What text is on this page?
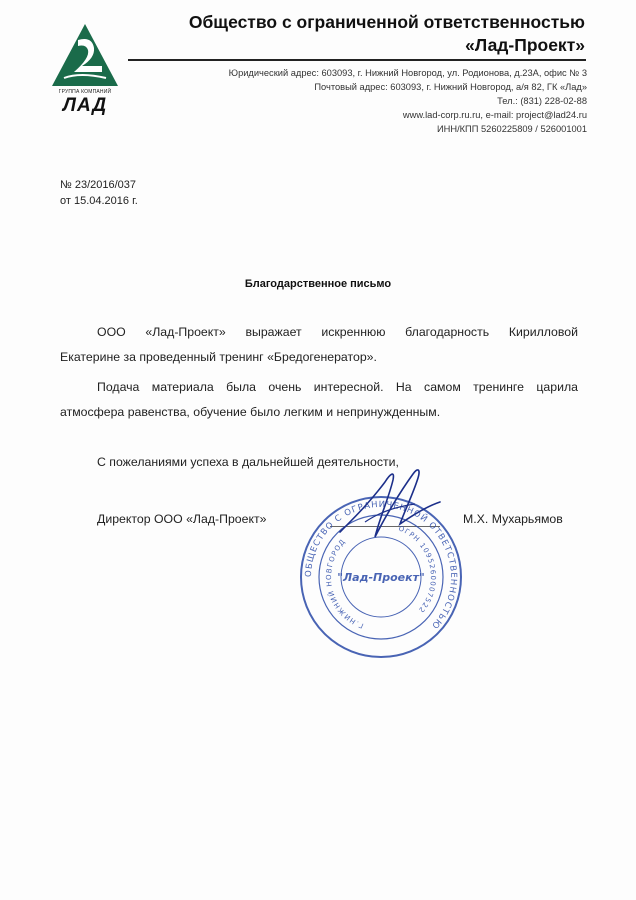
ГРУППА КОМПАНИЙ
ЛАД
Общество с ограниченной ответственностью
«Лад-Проект»
Юридический адрес: 603093, г. Нижний Новгород, ул. Родионова, д.23А, офис № 3
Почтовый адрес: 603093, г. Нижний Новгород, а/я 82, ГК «Лад»
Тел.: (831) 228-02-88
www.lad-corp.ru.ru, e-mail: project@lad24.ru
ИНН/КПП 5260225809 / 526001001
№ 23/2016/037
от 15.04.2016 г.
Благодарственное письмо
ООО «Лад-Проект» выражает искреннюю благодарность Кирилловой
Екатерине за проведенный тренинг «Бредогенератор».
Подача материала была очень интересной. На самом тренинге царила
атмосфера равенства, обучение было легким и непринужденным.
С пожеланиями успеха в дальнейшей деятельности,
Директор ООО «Лад-Проект»	М.Х. Мухарьямов
ОБЩЕСТВО С ОГРАНИЧЕННОЙ ОТВЕТСТВЕННОСТЬЮ
ОГРН 1095260007522
Г.НИЖНИЙ НОВГОРОД
"Лад-Проект"
